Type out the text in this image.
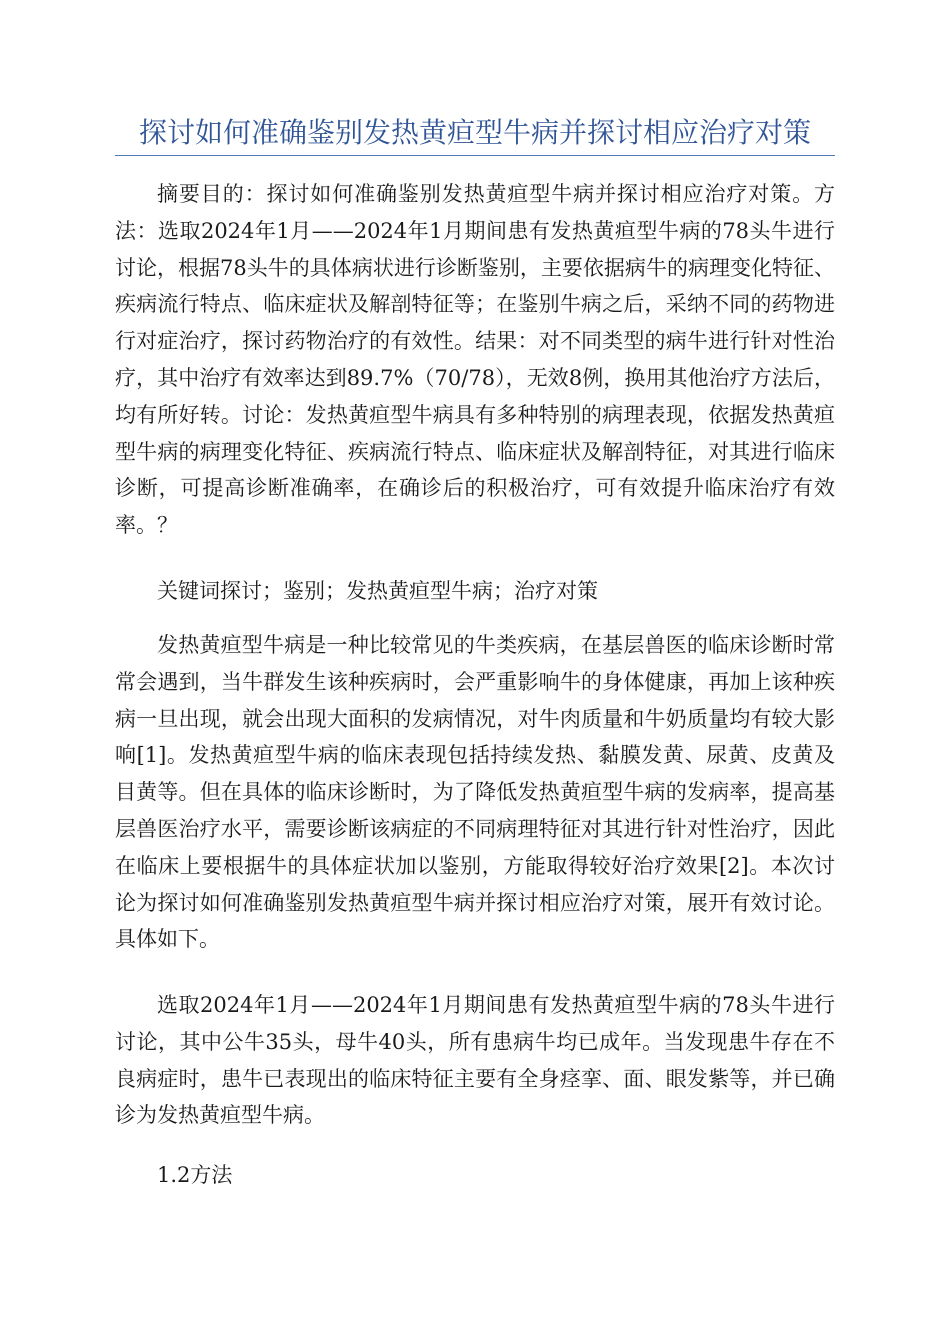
探讨如何准确鉴别发热黄疸型牛病并探讨相应治疗对策

摘要目的：探讨如何准确鉴别发热黄疸型牛病并探讨相应治疗对策。方法：选取2024年1月——2024年1月期间患有发热黄疸型牛病的78头牛进行讨论，根据78头牛的具体病状进行诊断鉴别，主要依据病牛的病理变化特征、疾病流行特点、临床症状及解剖特征等；在鉴别牛病之后，采纳不同的药物进行对症治疗，探讨药物治疗的有效性。结果：对不同类型的病牛进行针对性治疗，其中治疗有效率达到89.7%（70/78），无效8例，换用其他治疗方法后，均有所好转。讨论：发热黄疸型牛病具有多种特别的病理表现，依据发热黄疸型牛病的病理变化特征、疾病流行特点、临床症状及解剖特征，对其进行临床诊断，可提高诊断准确率，在确诊后的积极治疗，可有效提升临床治疗有效率。？

关键词探讨；鉴别；发热黄疸型牛病；治疗对策

发热黄疸型牛病是一种比较常见的牛类疾病，在基层兽医的临床诊断时常常会遇到，当牛群发生该种疾病时，会严重影响牛的身体健康，再加上该种疾病一旦出现，就会出现大面积的发病情况，对牛肉质量和牛奶质量均有较大影响[1]。发热黄疸型牛病的临床表现包括持续发热、黏膜发黄、尿黄、皮黄及目黄等。但在具体的临床诊断时，为了降低发热黄疸型牛病的发病率，提高基层兽医治疗水平，需要诊断该病症的不同病理特征对其进行针对性治疗，因此在临床上要根据牛的具体症状加以鉴别，方能取得较好治疗效果[2]。本次讨论为探讨如何准确鉴别发热黄疸型牛病并探讨相应治疗对策，展开有效讨论。具体如下。

选取2024年1月——2024年1月期间患有发热黄疸型牛病的78头牛进行讨论，其中公牛35头，母牛40头，所有患病牛均已成年。当发现患牛存在不良病症时，患牛已表现出的临床特征主要有全身痉挛、面、眼发紫等，并已确诊为发热黄疸型牛病。

1.2方法
